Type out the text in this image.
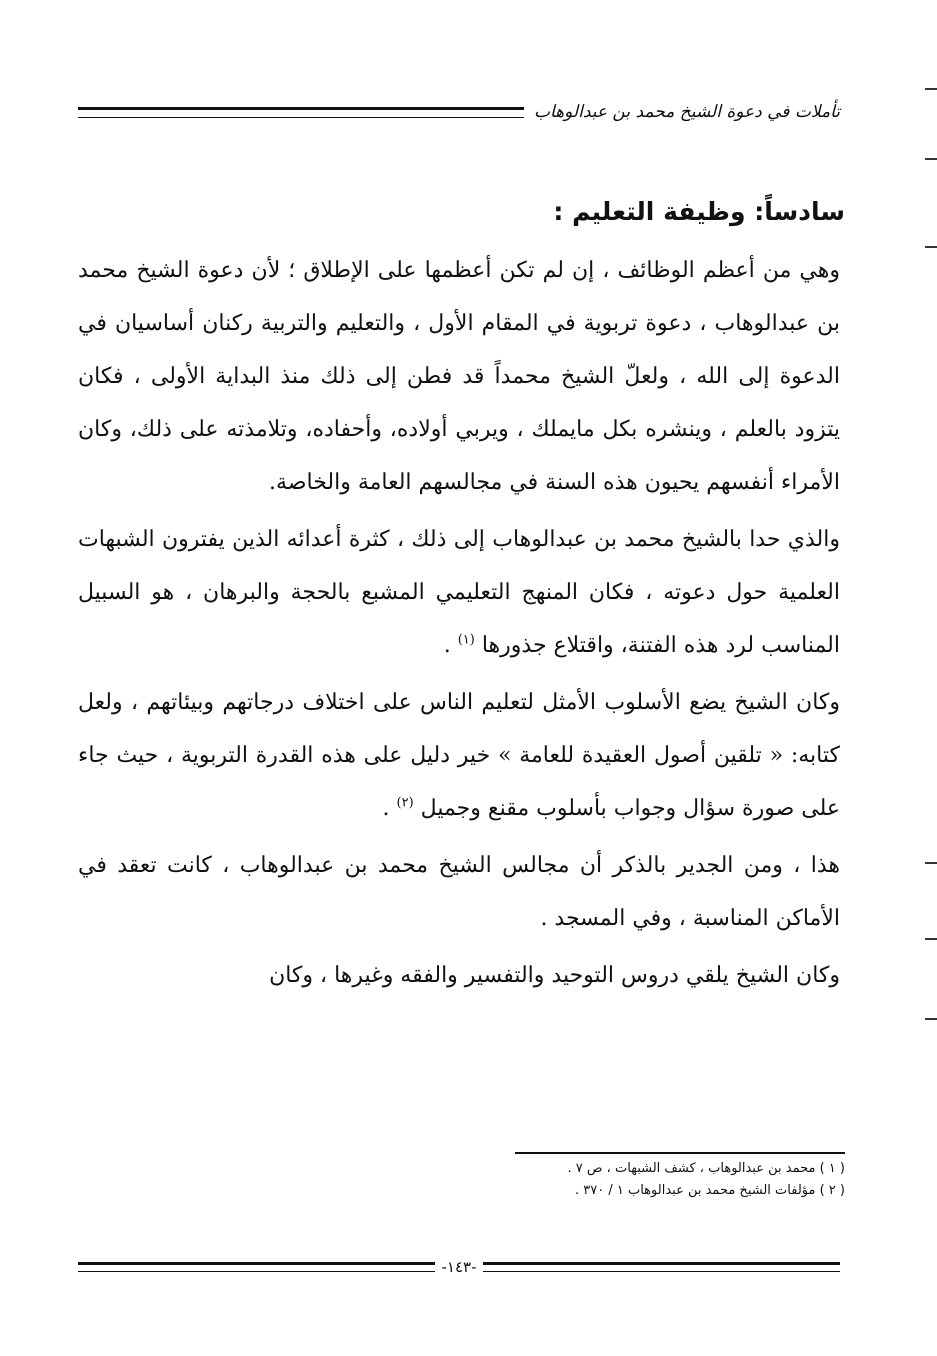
تأملات في دعوة الشيخ محمد بن عبدالوهاب
سادساً: وظيفة التعليم :

وهي من أعظم الوظائف ، إن لم تكن أعظمها على الإطلاق ؛ لأن دعوة الشيخ محمد بن عبدالوهاب ، دعوة تربوية في المقام الأول ، والتعليم والتربية ركنان أساسيان في الدعوة إلى الله ، ولعلّ الشيخ محمداً قد فطن إلى ذلك منذ البداية الأولى ، فكان يتزود بالعلم ، وينشره بكل مايملك ، ويربي أولاده، وأحفاده، وتلامذته على ذلك، وكان الأمراء أنفسهم يحيون هذه السنة في مجالسهم العامة والخاصة.

والذي حدا بالشيخ محمد بن عبدالوهاب إلى ذلك ، كثرة أعدائه الذين يفترون الشبهات العلمية حول دعوته ، فكان المنهج التعليمي المشبع بالحجة والبرهان ، هو السبيل المناسب لرد هذه الفتنة، واقتلاع جذورها $^{(١)}$ .

وكان الشيخ يضع الأسلوب الأمثل لتعليم الناس على اختلاف درجاتهم وبيئاتهم ، ولعل كتابه: « تلقين أصول العقيدة للعامة » خير دليل على هذه القدرة التربوية ، حيث جاء على صورة سؤال وجواب بأسلوب مقنع وجميل $^{(٢)}$ .

هذا ، ومن الجدير بالذكر أن مجالس الشيخ محمد بن عبدالوهاب ، كانت تعقد في الأماكن المناسبة ، وفي المسجد .

وكان الشيخ يلقي دروس التوحيد والتفسير والفقه وغيرها ، وكان

( ١ ) محمد بن عبدالوهاب ، كشف الشبهات ، ص ٧ .

( ٢ ) مؤلفات الشيخ محمد بن عبدالوهاب ١ / ٣٧٠ .

-١٤٣-
